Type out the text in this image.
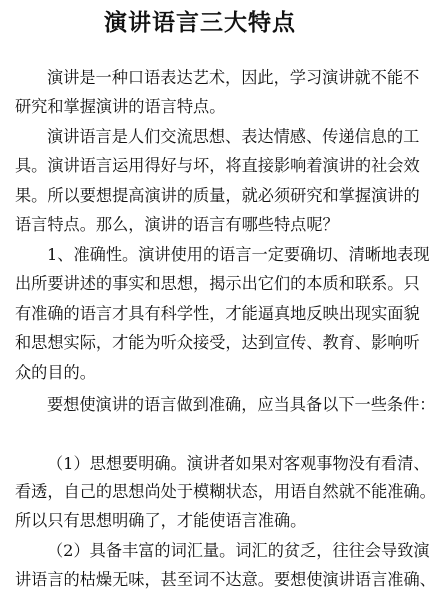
演讲语言三大特点
演讲是一种口语表达艺术，因此，学习演讲就不能不
研究和掌握演讲的语言特点。
演讲语言是人们交流思想、表达情感、传递信息的工
具。演讲语言运用得好与坏，将直接影响着演讲的社会效
果。所以要想提高演讲的质量，就必须研究和掌握演讲的
语言特点。那么，演讲的语言有哪些特点呢？
1、准确性。演讲使用的语言一定要确切、清晰地表现
出所要讲述的事实和思想，揭示出它们的本质和联系。只
有准确的语言才具有科学性，才能逼真地反映出现实面貌
和思想实际，才能为听众接受，达到宣传、教育、影响听
众的目的。
要想使演讲的语言做到准确，应当具备以下一些条件：
（1）思想要明确。演讲者如果对客观事物没有看清、
看透，自己的思想尚处于模糊状态，用语自然就不能准确。
所以只有思想明确了，才能使语言准确。
（2）具备丰富的词汇量。词汇的贫乏，往往会导致演
讲语言的枯燥无味，甚至词不达意。要想使演讲语言准确、
